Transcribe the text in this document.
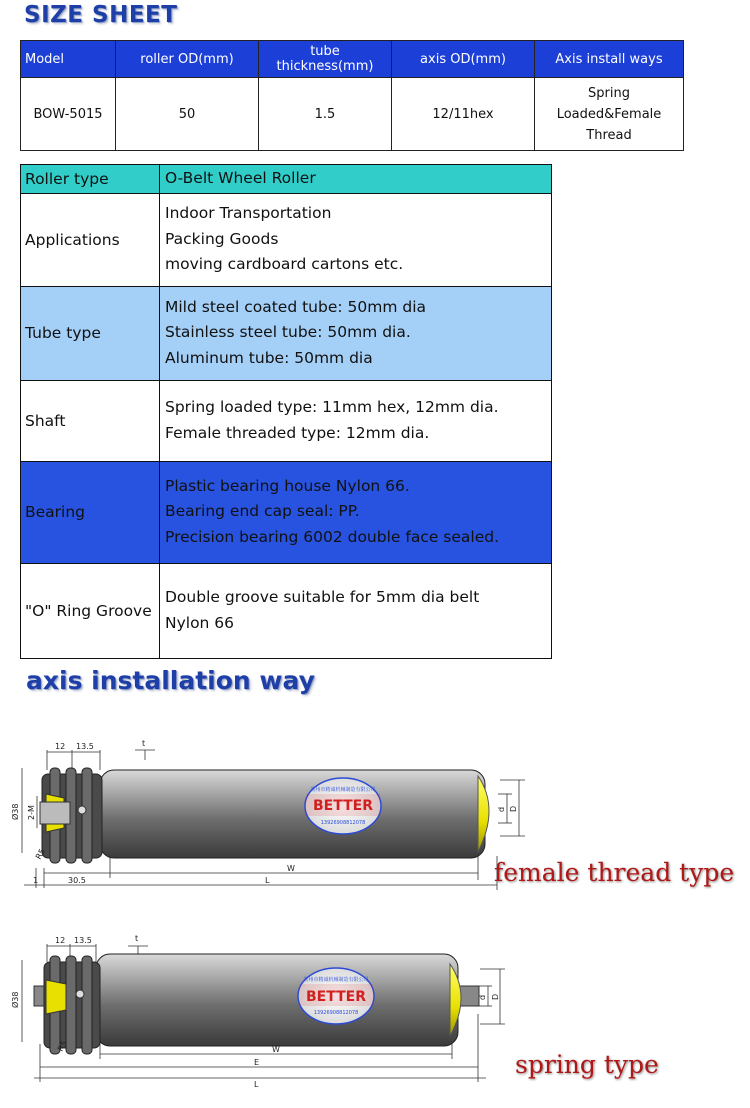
SIZE SHEET
Model	roller OD(mm)	tube thickness(mm)	axis OD(mm)	Axis install ways
BOW-5015	50	1.5	12/11hex	Spring
Loaded&Female
Thread
Roller type	O-Belt Wheel Roller
Applications	Indoor Transportation
Packing Goods
moving cardboard cartons etc.

Tube type	Mild steel coated tube: 50mm dia
Stainless steel tube: 50mm dia.
Aluminum tube: 50mm dia

Shaft	Spring loaded type: 11mm hex, 12mm dia.
Female threaded type: 12mm dia.

Bearing	Plastic bearing house Nylon 66.
Bearing end cap seal: PP.
Precision bearing 6002 double face sealed.

"O" Ring Groove	Double groove suitable for 5mm dia belt
Nylon 66
axis installation way
BETTER
常州市精诚机械制造有限公司
13926908812078
12 13.5	t
Ø38 2-M
R5
1	30.5
W
L
d D

female thread type

BETTER
常州市精诚机械制造有限公司
13926908812078
12 13.5	t
Ø38
R5	W
E
L
d D

spring type
